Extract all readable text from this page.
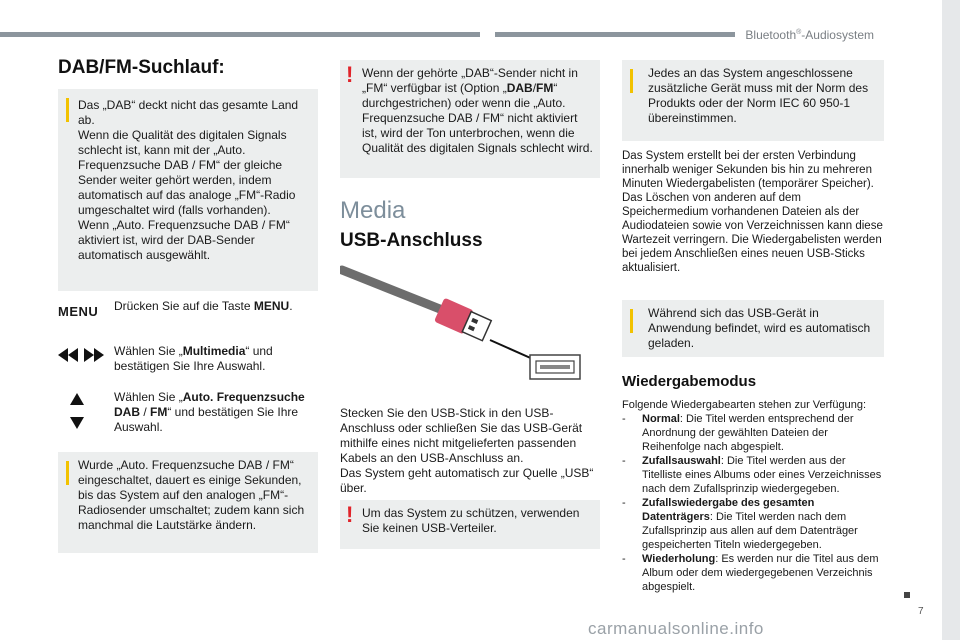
Bluetooth®-Audiosystem
DAB/FM-Suchlauf:
Das „DAB“ deckt nicht das gesamte Land ab.
Wenn die Qualität des digitalen Signals schlecht ist, kann mit der „Auto. Frequenzsuche DAB / FM“ der gleiche Sender weiter gehört werden, indem automatisch auf das analoge „FM“-Radio umgeschaltet wird (falls vorhanden).
Wenn „Auto. Frequenzsuche DAB / FM“ aktiviert ist, wird der DAB-Sender automatisch ausgewählt.
MENU Drücken Sie auf die Taste MENU.
Wählen Sie „Multimedia“ und bestätigen Sie Ihre Auswahl.
Wählen Sie „Auto. Frequenzsuche DAB / FM“ und bestätigen Sie Ihre Auswahl.
Wurde „Auto. Frequenzsuche DAB / FM“ eingeschaltet, dauert es einige Sekunden, bis das System auf den analogen „FM“-Radiosender umschaltet; zudem kann sich manchmal die Lautstärke ändern.
! Wenn der gehörte „DAB“-Sender nicht in „FM“ verfügbar ist (Option „DAB/FM“ durchgestrichen) oder wenn die „Auto. Frequenzsuche DAB / FM“ nicht aktiviert ist, wird der Ton unterbrochen, wenn die Qualität des digitalen Signals schlecht wird.
Media
USB-Anschluss
Stecken Sie den USB-Stick in den USB-Anschluss oder schließen Sie das USB-Gerät mithilfe eines nicht mitgelieferten passenden Kabels an den USB-Anschluss an.
Das System geht automatisch zur Quelle „USB“ über.
! Um das System zu schützen, verwenden Sie keinen USB-Verteiler.
Jedes an das System angeschlossene zusätzliche Gerät muss mit der Norm des Produkts oder der Norm IEC 60 950-1 übereinstimmen.
Das System erstellt bei der ersten Verbindung innerhalb weniger Sekunden bis hin zu mehreren Minuten Wiedergabelisten (temporärer Speicher).
Das Löschen von anderen auf dem Speichermedium vorhandenen Dateien als der Audiodateien sowie von Verzeichnissen kann diese Wartezeit verringern. Die Wiedergabelisten werden bei jedem Anschließen eines neuen USB-Sticks aktualisiert.
Während sich das USB-Gerät in Anwendung befindet, wird es automatisch geladen.
Wiedergabemodus
Folgende Wiedergabearten stehen zur Verfügung:
-	Normal: Die Titel werden entsprechend der Anordnung der gewählten Dateien der Reihenfolge nach abgespielt.
-	Zufallsauswahl: Die Titel werden aus der Titelliste eines Albums oder eines Verzeichnisses nach dem Zufallsprinzip wiedergegeben.
-	Zufallswiedergabe des gesamten Datenträgers: Die Titel werden nach dem Zufallsprinzip aus allen auf dem Datenträger gespeicherten Titeln wiedergegeben.
-	Wiederholung: Es werden nur die Titel aus dem Album oder dem wiedergegebenen Verzeichnis abgespielt.
carmanualsonline.info
7
